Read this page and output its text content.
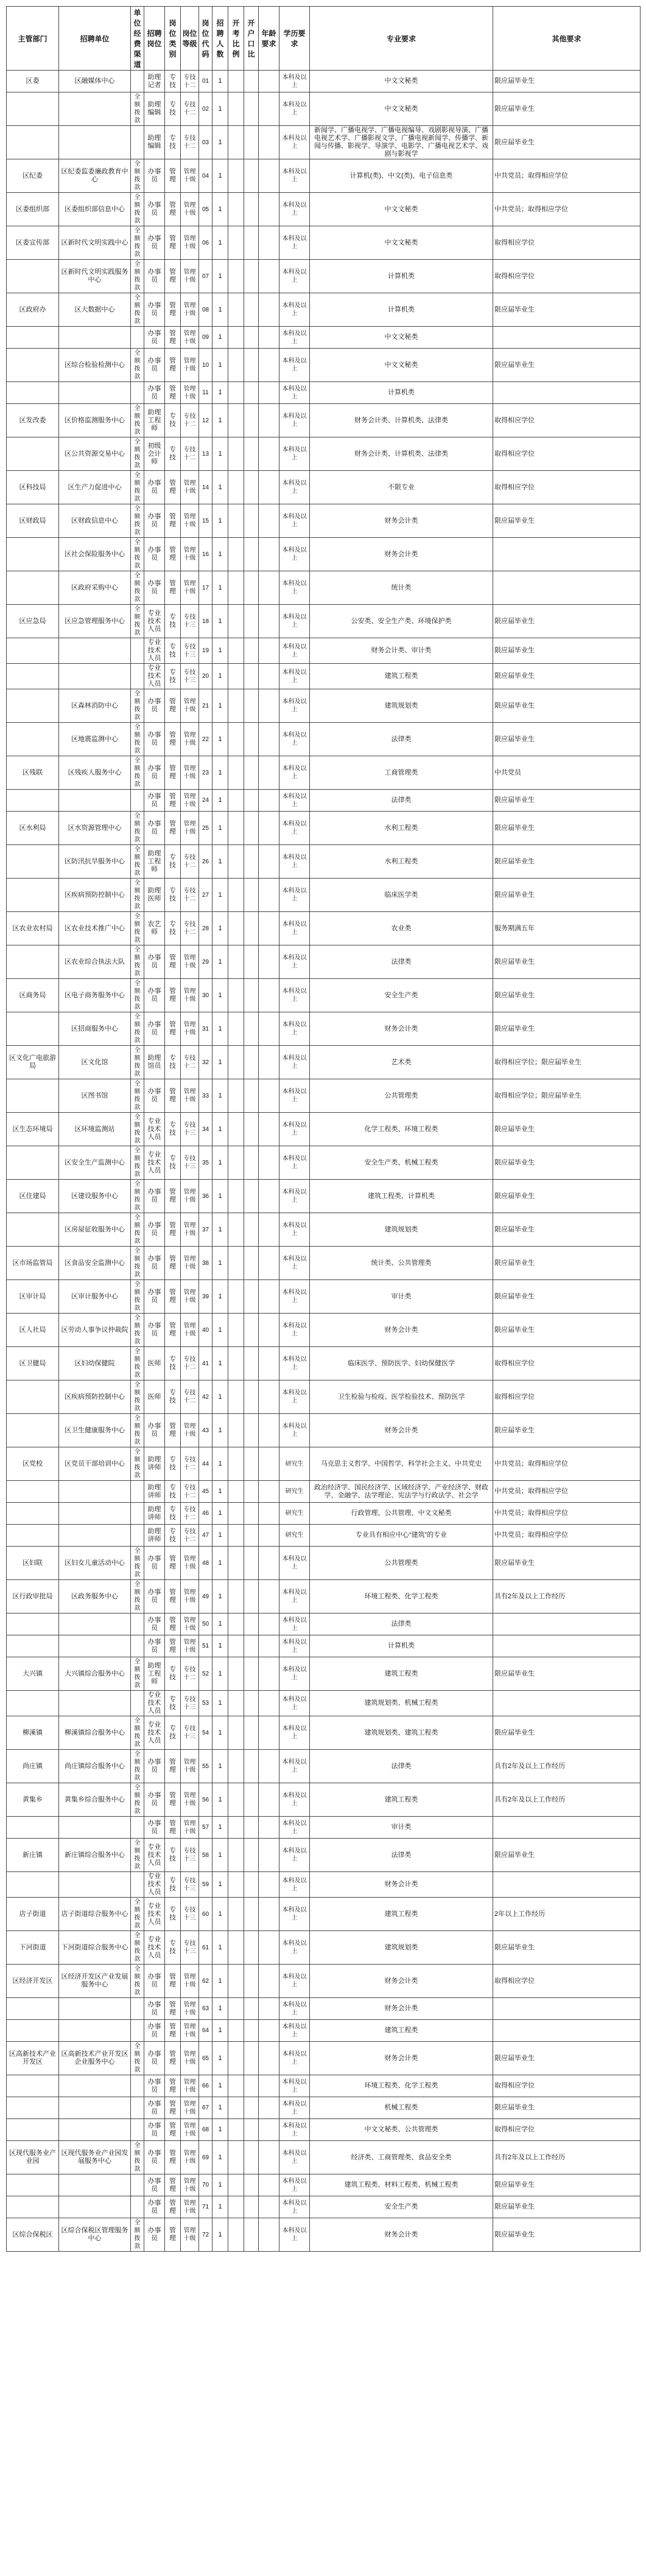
主管部门	招聘单位	单位经费渠道	招聘岗位	岗位类别	岗位等级	岗位代码	招聘人数	开考比例	开户口比	年龄要求	学历要求	专业要求	其他要求
区委	区融媒体中心		助理记者	专技	专技十二	01	1				本科及以上	中文文秘类	限应届毕业生
		全额拨款	助理编辑	专技	专技十二	02	1				本科及以上	中文文秘类	限应届毕业生
			助理编辑	专技	专技十二	03	1				本科及以上	新闻学、广播电视学、广播电视编导、戏剧影视导演、广播电视艺术学、广播影视文学、广播电视新闻学、传播学、新闻与传播、影视学、导演学、电影学、广播电视艺术学、戏剧与影视学	限应届毕业生
区纪委	区纪委监委廉政教育中心	全额拨款	办事员	管理	管理十级	04	1				本科及以上	计算机(类)、中文(类)、电子信息类	中共党员；取得相应学位
区委组织部	区委组织部信息中心	全额拨款	办事员	管理	管理十级	05	1				本科及以上	中文文秘类	中共党员；取得相应学位
区委宣传部	区新时代文明实践中心	全额拨款	办事员	管理	管理十级	06	1				本科及以上	中文文秘类	取得相应学位
	区新时代文明实践服务中心	全额拨款	办事员	管理	管理十级	07	1				本科及以上	计算机类	取得相应学位
区政府办	区大数据中心	全额拨款	办事员	管理	管理十级	08	1				本科及以上	计算机类	限应届毕业生
			办事员	管理	管理十级	09	1				本科及以上	中文文秘类	
	区综合检验检测中心	全额拨款	办事员	管理	管理十级	10	1				本科及以上	中文文秘类	限应届毕业生
			办事员	管理	管理十级	11	1				本科及以上	计算机类	
区发改委	区价格监测服务中心	全额拨款	助理工程师	专技	专技十二	12	1				本科及以上	财务会计类、计算机类、法律类	取得相应学位
	区公共资源交易中心	全额拨款	初级会计师	专技	专技十二	13	1				本科及以上	财务会计类、计算机类、法律类	取得相应学位
区科技局	区生产力促进中心	全额拨款	办事员	管理	管理十级	14	1				本科及以上	不限专业	取得相应学位
区财政局	区财政信息中心	全额拨款	办事员	管理	管理十级	15	1				本科及以上	财务会计类	限应届毕业生
	区社会保险服务中心	全额拨款	办事员	管理	管理十级	16	1				本科及以上	财务会计类	
	区政府采购中心	全额拨款	办事员	管理	管理十级	17	1				本科及以上	统计类	
区应急局	区应急管理服务中心	全额拨款	专业技术人员	专技	专技十三	18	1				本科及以上	公安类、安全生产类、环境保护类	限应届毕业生
			专业技术人员	专技	专技十三	19	1				本科及以上	财务会计类、审计类	限应届毕业生
			专业技术人员	专技	专技十三	20	1				本科及以上	建筑工程类	限应届毕业生
	区森林消防中心	全额拨款	办事员	管理	管理十级	21	1				本科及以上	建筑规划类	限应届毕业生
	区地震监测中心	全额拨款	办事员	管理	管理十级	22	1				本科及以上	法律类	限应届毕业生
区残联	区残疾人服务中心	全额拨款	办事员	管理	管理十级	23	1				本科及以上	工商管理类	中共党员
			办事员	管理	管理十级	24	1				本科及以上	法律类	限应届毕业生
区水利局	区水资源管理中心	全额拨款	办事员	管理	管理十级	25	1				本科及以上	水利工程类	限应届毕业生
	区防汛抗旱服务中心	全额拨款	助理工程师	专技	专技十二	26	1				本科及以上	水利工程类	限应届毕业生
	区疾病预防控制中心	全额拨款	助理医师	专技	专技十二	27	1				本科及以上	临床医学类	限应届毕业生
区农业农村局	区农业技术推广中心	全额拨款	农艺师	专技	专技十二	28	1				本科及以上	农业类	服务期满五年
	区农业综合执法大队	全额拨款	办事员	管理	管理十级	29	1				本科及以上	法律类	限应届毕业生
区商务局	区电子商务服务中心	全额拨款	办事员	管理	管理十级	30	1				本科及以上	安全生产类	限应届毕业生
	区招商服务中心	全额拨款	办事员	管理	管理十级	31	1				本科及以上	财务会计类	限应届毕业生
区文化广电旅游局	区文化馆	全额拨款	助理馆员	专技	专技十二	32	1				本科及以上	艺术类	取得相应学位；限应届毕业生
	区图书馆	全额拨款	办事员	管理	管理十级	33	1				本科及以上	公共管理类	取得相应学位；限应届毕业生
区生态环境局	区环境监测站	全额拨款	专业技术人员	专技	专技十三	34	1				本科及以上	化学工程类、环境工程类	限应届毕业生
	区安全生产监测中心	全额拨款	专业技术人员	专技	专技十三	35	1				本科及以上	安全生产类、机械工程类	限应届毕业生
区住建局	区建设服务中心	全额拨款	办事员	管理	管理十级	36	1				本科及以上	建筑工程类、计算机类	限应届毕业生
	区房屋征收服务中心	全额拨款	办事员	管理	管理十级	37	1				本科及以上	建筑规划类	限应届毕业生
区市场监管局	区食品安全监测中心	全额拨款	办事员	管理	管理十级	38	1				本科及以上	统计类、公共管理类	限应届毕业生
区审计局	区审计服务中心	全额拨款	办事员	管理	管理十级	39	1				本科及以上	审计类	限应届毕业生
区人社局	区劳动人事争议仲裁院	全额拨款	办事员	管理	管理十级	40	1				本科及以上	财务会计类	限应届毕业生
区卫健局	区妇幼保健院	全额拨款	医师	专技	专技十二	41	1				本科及以上	临床医学、预防医学、妇幼保健医学	取得相应学位
	区疾病预防控制中心	全额拨款	医师	专技	专技十二	42	1				本科及以上	卫生检验与检疫、医学检验技术、预防医学	取得相应学位
	区卫生健康服务中心	全额拨款	办事员	管理	管理十级	43	1				本科及以上	财务会计类	限应届毕业生
区党校	区党员干部培训中心	全额拨款	助理讲师	专技	专技十二	44	1				研究生	马克思主义哲学、中国哲学、科学社会主义、中共党史	中共党员；取得相应学位
			助理讲师	专技	专技十二	45	1				研究生	政治经济学、国民经济学、区域经济学、产业经济学、财政学、金融学、法学理论、宪法学与行政法学、社会学	中共党员；取得相应学位
			助理讲师	专技	专技十二	46	1				研究生	行政管理、公共管理、中文文秘类	中共党员；取得相应学位
			助理讲师	专技	专技十二	47	1				研究生	专业具有相应中心“建筑”的专业	中共党员；取得相应学位
区妇联	区妇女儿童活动中心	全额拨款	办事员	管理	管理十级	48	1				本科及以上	公共管理类	限应届毕业生
区行政审批局	区政务服务中心	全额拨款	办事员	管理	管理十级	49	1				本科及以上	环境工程类、化学工程类	具有2年及以上工作经历
			办事员	管理	管理十级	50	1				本科及以上	法律类	
			办事员	管理	管理十级	51	1				本科及以上	计算机类	
大兴镇	大兴镇综合服务中心	全额拨款	助理工程师	专技	专技十二	52	1				本科及以上	建筑工程类	限应届毕业生
			专业技术人员	专技	专技十三	53	1				本科及以上	建筑规划类、机械工程类	
柳溪镇	柳溪镇综合服务中心	全额拨款	专业技术人员	专技	专技十三	54	1				本科及以上	建筑规划类、建筑工程类	限应届毕业生
尚庄镇	尚庄镇综合服务中心	全额拨款	办事员	管理	管理十级	55	1				本科及以上	法律类	具有2年及以上工作经历
黄集乡	黄集乡综合服务中心	全额拨款	办事员	管理	管理十级	56	1				本科及以上	建筑工程类	具有2年及以上工作经历
			办事员	管理	管理十级	57	1				本科及以上	审计类	
新庄镇	新庄镇综合服务中心	全额拨款	专业技术人员	专技	专技十三	58	1				本科及以上	法律类	限应届毕业生
			专业技术人员	专技	专技十三	59	1				本科及以上	财务会计类	
店子街道	店子街道综合服务中心	全额拨款	专业技术人员	专技	专技十三	60	1				本科及以上	建筑工程类	2年以上工作经历
下河街道	下河街道综合服务中心	全额拨款	专业技术人员	专技	专技十三	61	1				本科及以上	建筑规划类	限应届毕业生
区经济开发区	区经济开发区产业发展服务中心	全额拨款	办事员	管理	管理十级	62	1				本科及以上	财务会计类	取得相应学位
			办事员	管理	管理十级	63	1				本科及以上	财务会计类	
			办事员	管理	管理十级	64	1				本科及以上	建筑工程类	
区高新技术产业开发区	区高新技术产业开发区企业服务中心	全额拨款	办事员	管理	管理十级	65	1				本科及以上	财务会计类	限应届毕业生
			办事员	管理	管理十级	66	1				本科及以上	环境工程类、化学工程类	取得相应学位
			办事员	管理	管理十级	67	1				本科及以上	机械工程类	限应届毕业生
			办事员	管理	管理十级	68	1				本科及以上	中文文秘类、公共管理类	取得相应学位
区现代服务业产业园	区现代服务业产业园发展服务中心	全额拨款	办事员	管理	管理十级	69	1				本科及以上	经济类、工商管理类、食品安全类	具有2年及以上工作经历
			办事员	管理	管理十级	70	1				本科及以上	建筑工程类、材料工程类、机械工程类	限应届毕业生
			办事员	管理	管理十级	71	1				本科及以上	安全生产类	限应届毕业生
区综合保税区	区综合保税区管理服务中心	全额拨款	办事员	管理	管理十级	72	1				本科及以上	财务会计类	限应届毕业生
